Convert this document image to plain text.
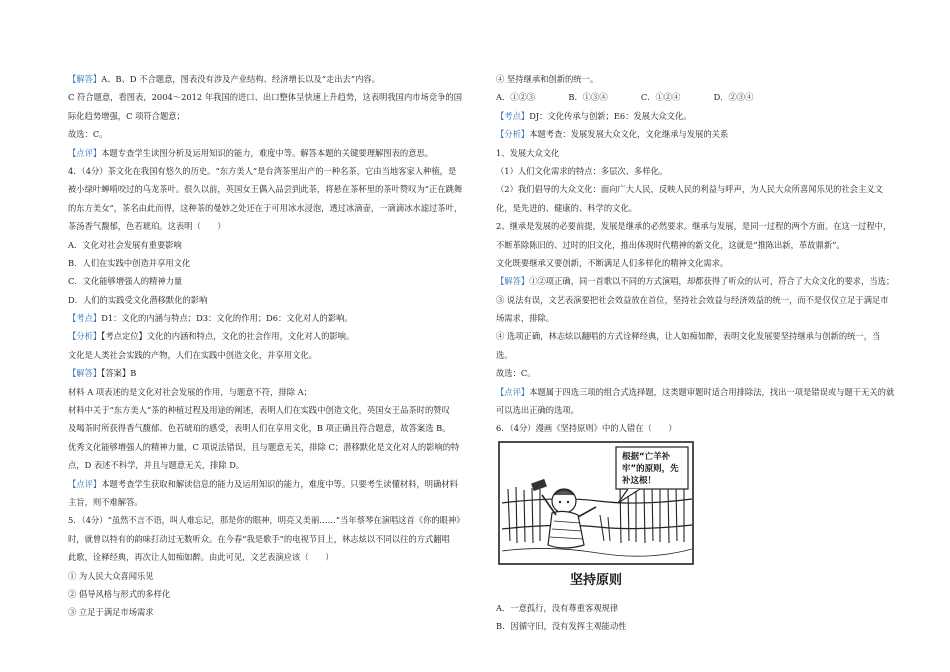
【解答】A、B、D 不合题意，图表没有涉及产业结构、经济增长以及“走出去”内容。
C 符合题意，看图表，2004～2012 年我国的进口、出口整体呈快速上升趋势，这表明我国内市场竞争的国
际化趋势增强，C 项符合题意；
故选：C。
【点评】本题专查学生读图分析及运用知识的能力，难度中等。解答本题的关键要理解图表的意思。
4．（4分）茶文化在我国有悠久的历史。“东方美人”是台湾茶里出产的一种名茶，它由当地客家人种植，是
被小绿叶蝉啃咬过的乌龙茶叶。很久以前，英国女王偶入品尝到此茶，将悬在茶杯里的茶叶赞叹为“正在跳舞
的东方美女”，茶名由此而得，这种茶的曼妙之处还在于可用冰水浸泡，透过冰滴壶，一滴滴冰水滤过茶叶，
茶汤香气馥郁，色若琥珀。这表明（　　）
A．文化对社会发展有重要影响
B．人们在实践中创造并享用文化
C．文化能够增强人的精神力量
D．人们的实践受文化潜移默化的影响
【考点】D1：文化的内涵与特点；D3：文化的作用；D6：文化对人的影响。
【分析】【考点定位】文化的内涵和特点，文化的社会作用，文化对人的影响。
文化是人类社会实践的产物，人们在实践中创造文化，并享用文化。
【解答】【答案】B
材料 A 项表述的是文化对社会发展的作用，与题意不符，排除 A；
材料中关于“东方美人”茶的种植过程及用途的阐述，表明人们在实践中创造文化，英国女王品茶时的赞叹
及喝茶时所获得香气馥郁、色若琥珀的感受，表明人们在享用文化，B 项正确且符合题意，故答案选 B。
优秀文化能够增强人的精神力量，C 项说法错误，且与题意无关，排除 C；潜移默化是文化对人的影响的特
点，D 表述不科学，并且与题意无关，排除 D。
【点评】本题考查学生获取和解读信息的能力及运用知识的能力，难度中等。只要考生读懂材料，明确材料
主旨，则不难解答。
5．（4分）“虽然不言不语，叫人难忘记，那是你的眼神，明亮又美丽……”当年蔡琴在演唱这首《你的眼神》
时，就曾以特有的韵味打动过无数听众。在今春“我是歌手”的电视节目上，林志炫以不同以往的方式翻唱
此歌，诠释经典，再次让人如痴如醉。由此可见，文艺表演应该（　　）
① 为人民大众喜闻乐见
② 倡导风格与形式的多样化
③ 立足于满足市场需求
④ 坚持继承和创新的统一。
A．①②③　　　　B．①③④　　　　C．①②④　　　　D．②③④
【考点】DJ：文化传承与创新；E6：发展大众文化。
【分析】本题考查：发展发展大众文化，文化继承与发展的关系
1、发展大众文化
（1）人们文化需求的特点：多层次、多样化。
（2）我们倡导的大众文化：面向广大人民，反映人民的利益与呼声，为人民大众所喜闻乐见的社会主义文
化，是先进的、健康的、科学的文化。
2、继承是发展的必要前提，发展是继承的必然要求。继承与发展，是同一过程的两个方面。在这一过程中，
不断革除陈旧的、过时的旧文化，推出体现时代精神的新文化，这就是“推陈出新，革故鼎新”。
文化既要继承又要创新，不断满足人们多样化的精神文化需求。
【解答】①②项正确，同一首歌以不同的方式演唱，却都获得了听众的认可，符合了大众文化的要求，当选；
③ 说法有误，文艺表演要把社会效益放在首位，坚持社会效益与经济效益的统一，而不是仅仅立足于满足市
场需求，排除。
④ 选项正确，林志炫以翻唱的方式诠释经典，让人如痴如醉，表明文化发展要坚持继承与创新的统一，当
选。
故选：C。
【点评】本题属于四选三项的组合式选择题，这类题审题时适合用排除法，找出一项是错误或与题干无关的就
可以选出正确的选项。
6．（4分）漫画《坚持原则》中的人错在（　　）
根据“亡羊补
牢”的原则，先
补这根！
坚持原则
A．一意孤行，没有尊重客观规律
B．因循守旧，没有发挥主观能动性
